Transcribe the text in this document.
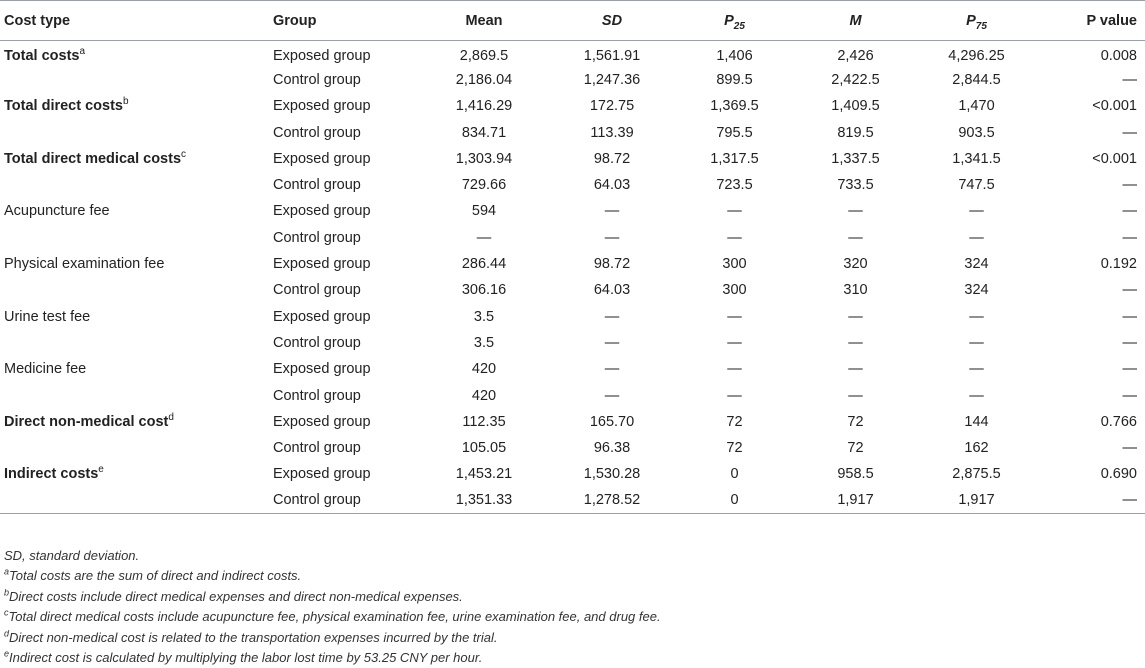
Cost type	Group	Mean	SD	$P_{25}$	M	$P_{75}$	P value
Total costs$^a$	Exposed group	2,869.5	1,561.91	1,406	2,426	4,296.25	0.008
	Control group	2,186.04	1,247.36	899.5	2,422.5	2,844.5	—
Total direct costs$^b$	Exposed group	1,416.29	172.75	1,369.5	1,409.5	1,470	<0.001
	Control group	834.71	113.39	795.5	819.5	903.5	—
Total direct medical costs$^c$	Exposed group	1,303.94	98.72	1,317.5	1,337.5	1,341.5	<0.001
	Control group	729.66	64.03	723.5	733.5	747.5	—
Acupuncture fee	Exposed group	594	—	—	—	—	—
	Control group	—	—	—	—	—	—
Physical examination fee	Exposed group	286.44	98.72	300	320	324	0.192
	Control group	306.16	64.03	300	310	324	—
Urine test fee	Exposed group	3.5	—	—	—	—	—
	Control group	3.5	—	—	—	—	—
Medicine fee	Exposed group	420	—	—	—	—	—
	Control group	420	—	—	—	—	—
Direct non-medical cost$^d$	Exposed group	112.35	165.70	72	72	144	0.766
	Control group	105.05	96.38	72	72	162	—
Indirect costs$^e$	Exposed group	1,453.21	1,530.28	0	958.5	2,875.5	0.690
	Control group	1,351.33	1,278.52	0	1,917	1,917	—
SD, standard deviation.
$^a$Total costs are the sum of direct and indirect costs.
$^b$Direct costs include direct medical expenses and direct non-medical expenses.
$^c$Total direct medical costs include acupuncture fee, physical examination fee, urine examination fee, and drug fee.
$^d$Direct non-medical cost is related to the transportation expenses incurred by the trial.
$^e$Indirect cost is calculated by multiplying the labor lost time by 53.25 CNY per hour.
